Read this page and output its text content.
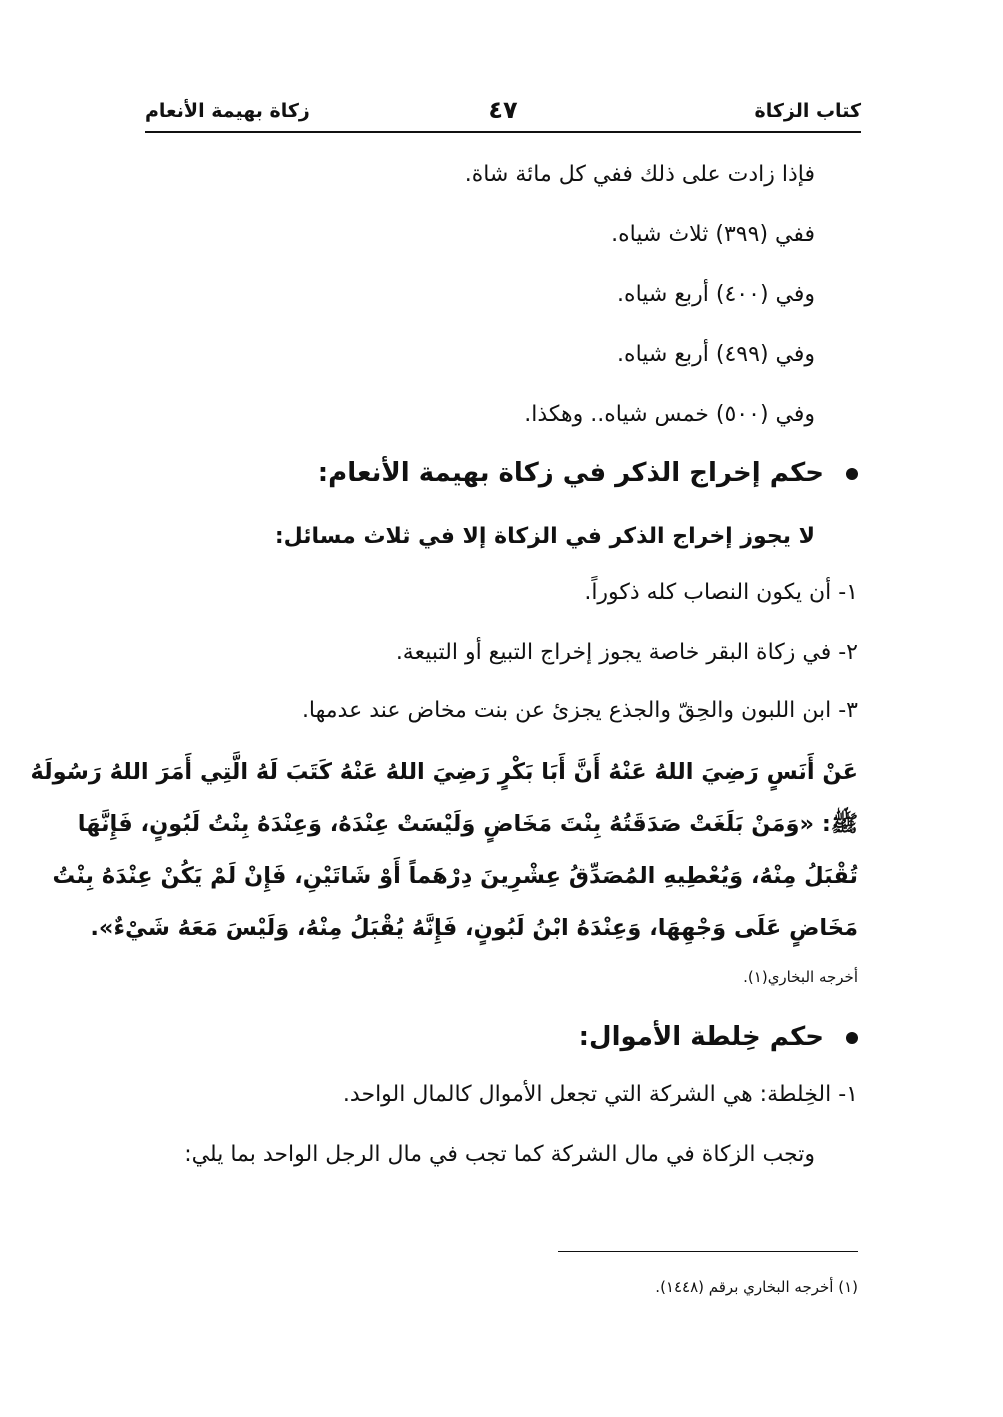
كتاب الزكاة
٤٧
زكاة بهيمة الأنعام
فإذا زادت على ذلك ففي كل مائة شاة.
ففي (٣٩٩) ثلاث شياه.
وفي (٤٠٠) أربع شياه.
وفي (٤٩٩) أربع شياه.
وفي (٥٠٠) خمس شياه.. وهكذا.
حكم إخراج الذكر في زكاة بهيمة الأنعام:
لا يجوز إخراج الذكر في الزكاة إلا في ثلاث مسائل:
١- أن يكون النصاب كله ذكوراً.
٢- في زكاة البقر خاصة يجوز إخراج التبيع أو التبيعة.
٣- ابن اللبون والحِقّ والجذع يجزئ عن بنت مخاض عند عدمها.
عَنْ أَنَسٍ رَضِيَ اللهُ عَنْهُ أَنَّ أَبَا بَكْرٍ رَضِيَ اللهُ عَنْهُ كَتَبَ لَهُ الَّتِي أَمَرَ اللهُ رَسُولَهُ
ﷺ: «وَمَنْ بَلَغَتْ صَدَقَتُهُ بِنْتَ مَخَاضٍ وَلَيْسَتْ عِنْدَهُ، وَعِنْدَهُ بِنْتُ لَبُونٍ، فَإِنَّهَا
تُقْبَلُ مِنْهُ، وَيُعْطِيهِ المُصَدِّقُ عِشْرِينَ دِرْهَماً أَوْ شَاتَيْنِ، فَإِنْ لَمْ يَكُنْ عِنْدَهُ بِنْتُ
مَخَاضٍ عَلَى وَجْهِهَا، وَعِنْدَهُ ابْنُ لَبُونٍ، فَإِنَّهُ يُقْبَلُ مِنْهُ، وَلَيْسَ مَعَهُ شَيْءٌ».
أخرجه البخاري(١).
حكم خِلطة الأموال:
١- الخِلطة: هي الشركة التي تجعل الأموال كالمال الواحد.
وتجب الزكاة في مال الشركة كما تجب في مال الرجل الواحد بما يلي:
(١) أخرجه البخاري برقم (١٤٤٨).
